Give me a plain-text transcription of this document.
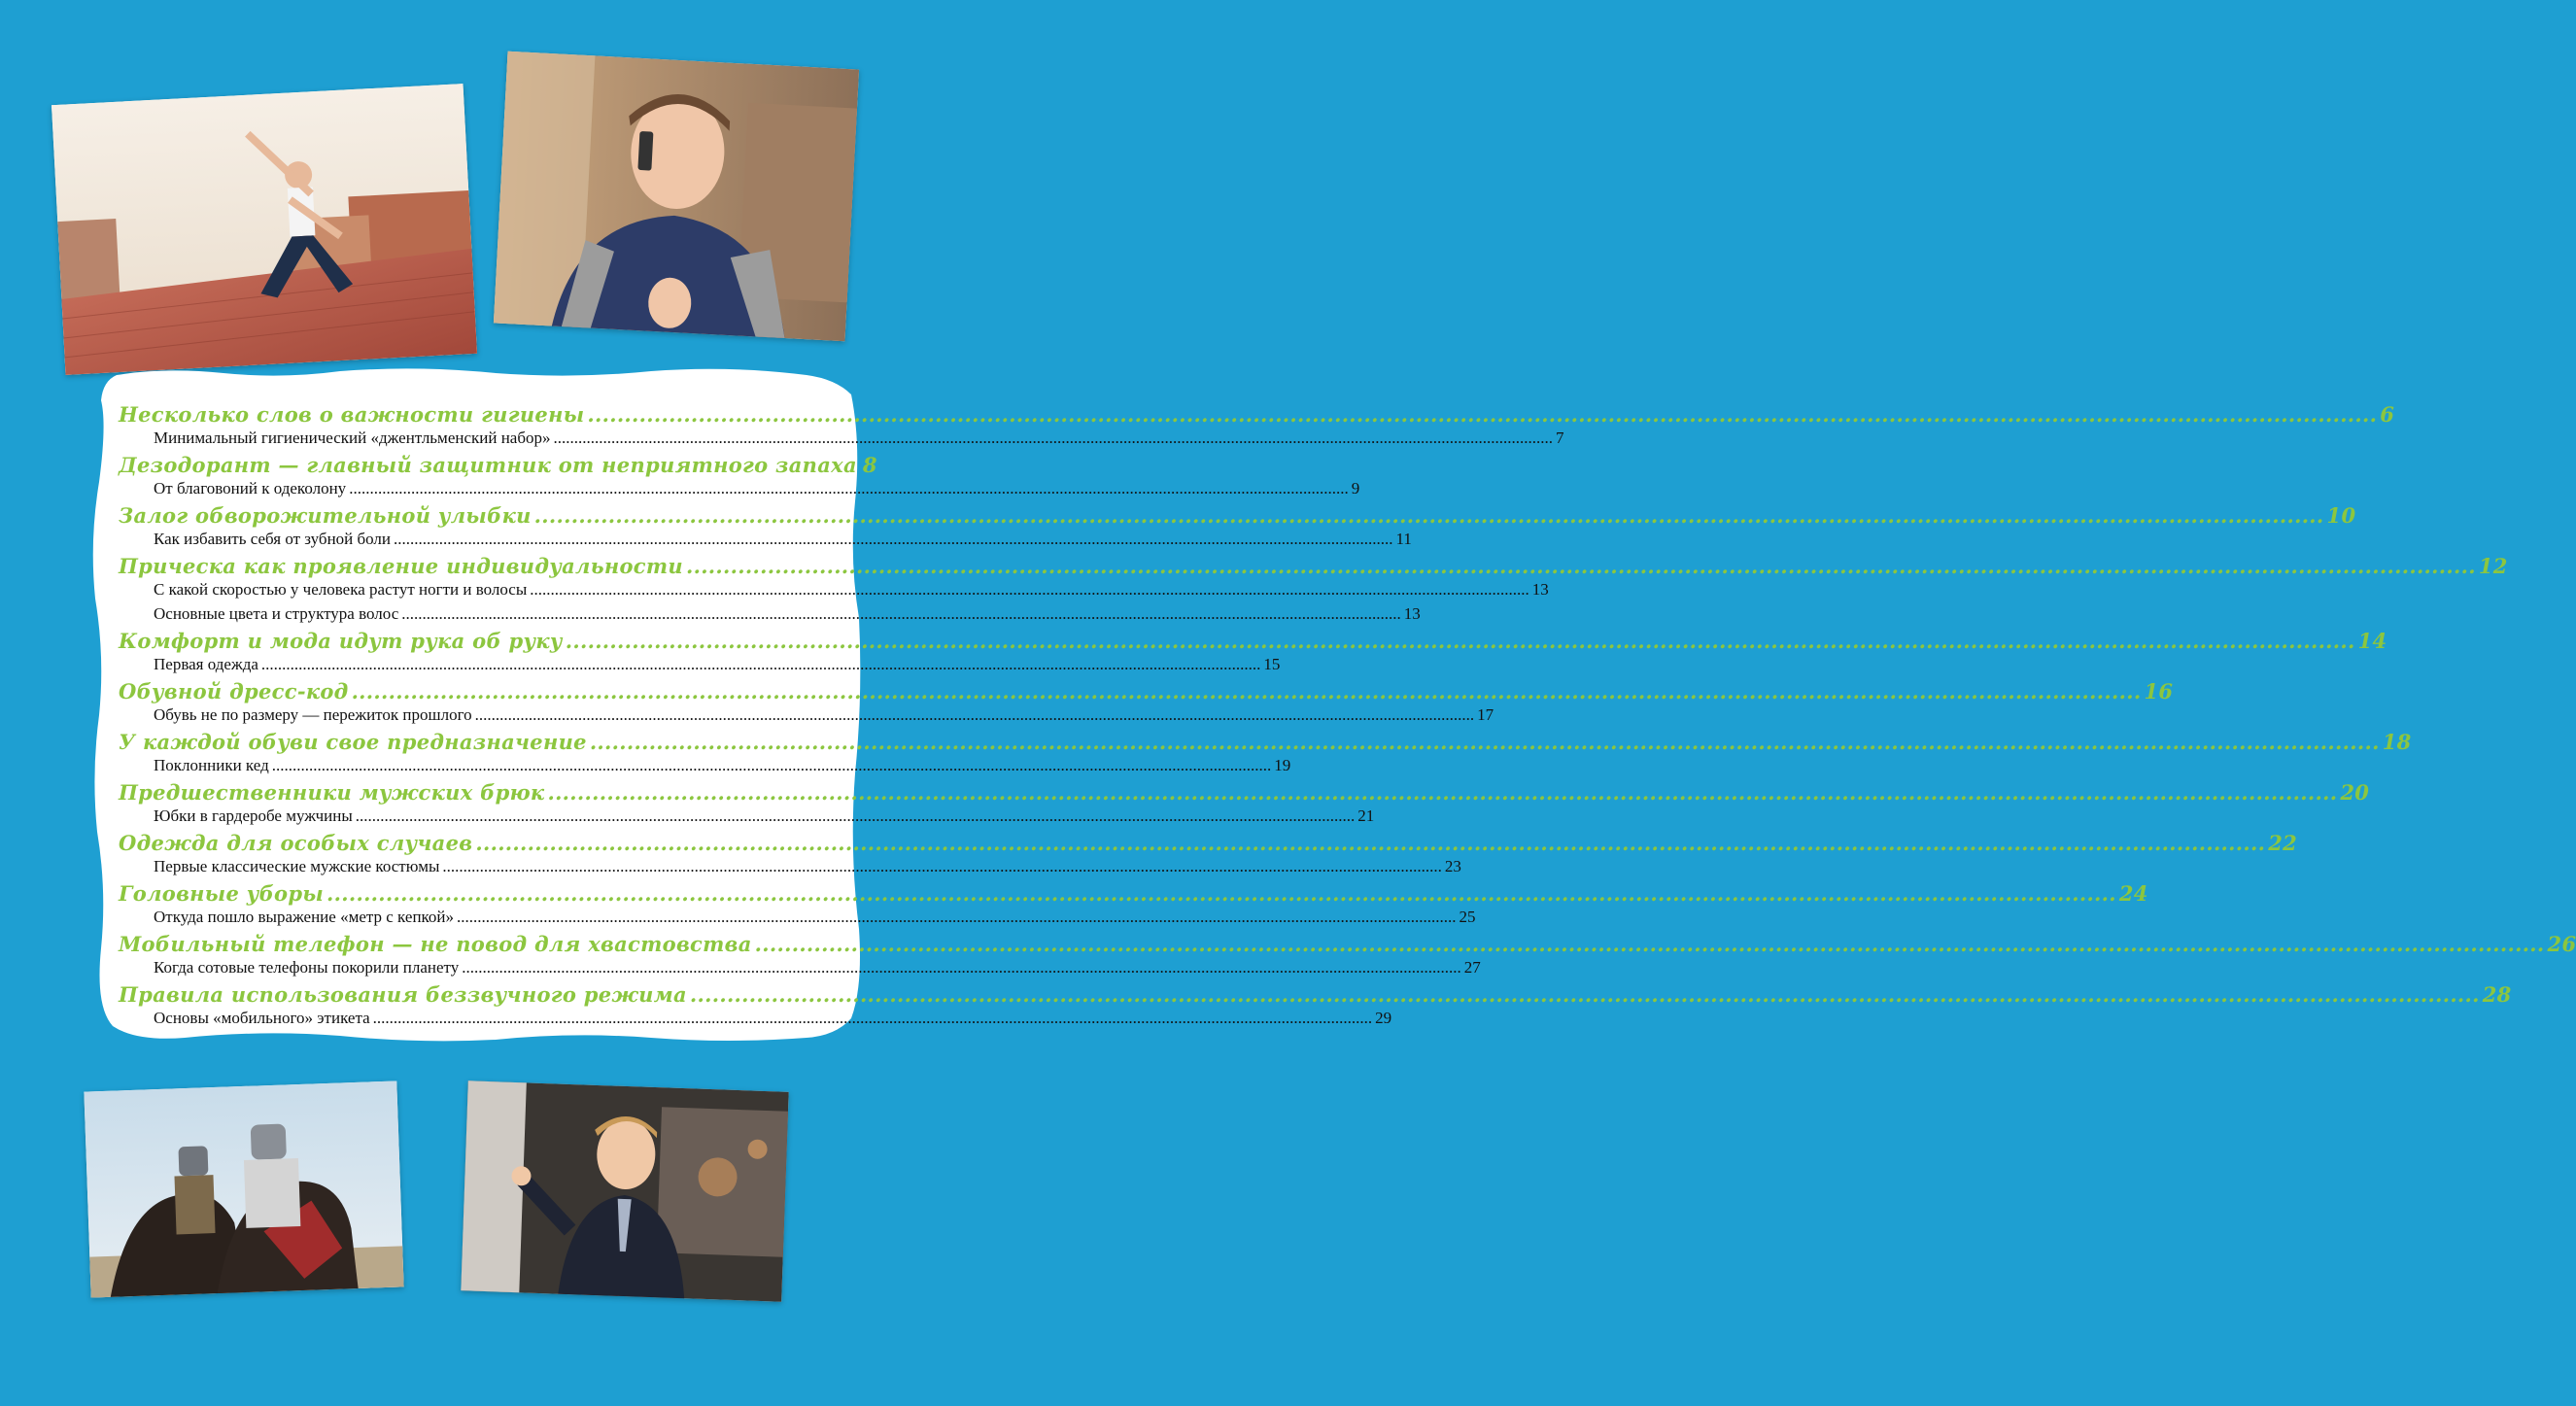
Несколько слов о важности гигиены .....	6
Минимальный гигиенический «джентльменский набор» .....	7
Дезодорант — главный защитник от неприятного запаха 8
От благовоний к одеколону .....	9
Залог обворожительной улыбки .....	10
Как избавить себя от зубной боли .....	11
Прическа как проявление индивидуальности .....	12
С какой скоростью у человека растут ногти и волосы .....	13
Основные цвета и структура волос .....	13
Комфорт и мода идут рука об руку .....	14
Первая одежда .....	15
Обувной дресс-код .....	16
Обувь не по размеру — пережиток прошлого .....	17
У каждой обуви свое предназначение .....	18
Поклонники кед .....	19
Предшественники мужских брюк .....	20
Юбки в гардеробе мужчины .....	21
Одежда для особых случаев .....	22
Первые классические мужские костюмы .....	23
Головные уборы .....	24
Откуда пошло выражение «метр с кепкой» .....	25
Мобильный телефон — не повод для хвастовства .....	26
Когда сотовые телефоны покорили планету .....	27
Правила использования беззвучного режима .....	28
Основы «мобильного» этикета .....	29
